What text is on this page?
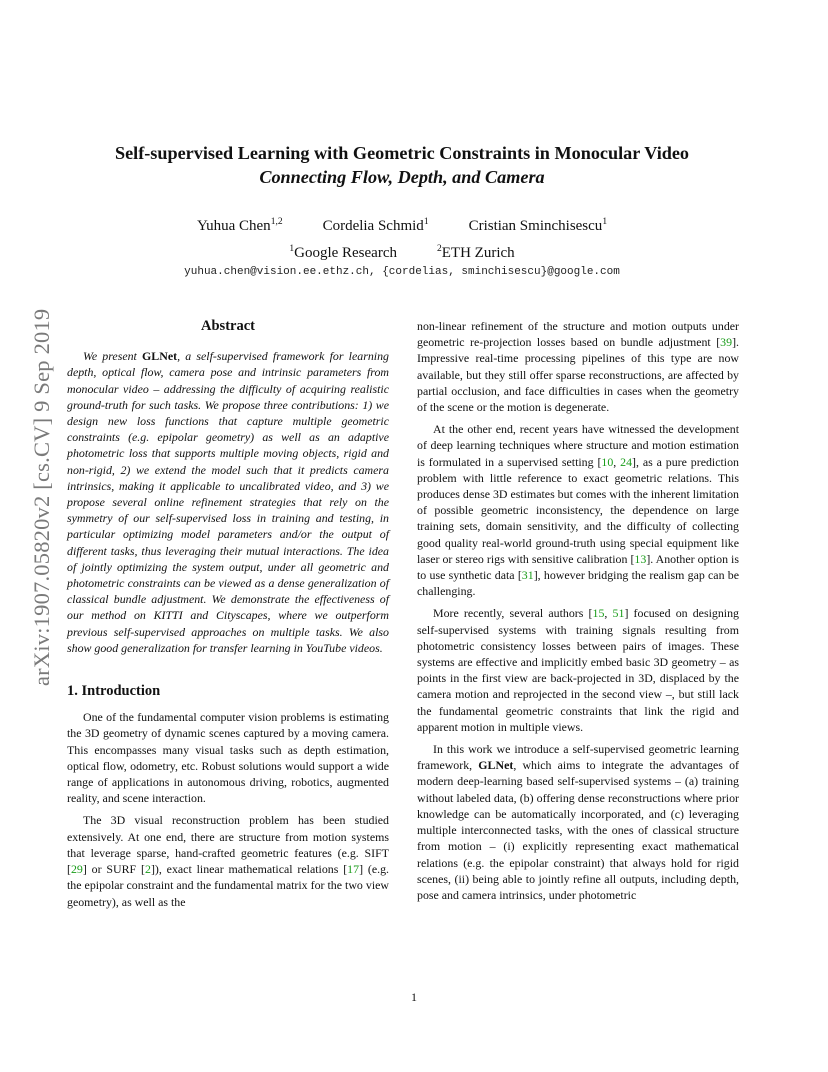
arXiv:1907.05820v2 [cs.CV] 9 Sep 2019
Self-supervised Learning with Geometric Constraints in Monocular Video
Connecting Flow, Depth, and Camera
Yuhua Chen$^{1,2}$	Cordelia Schmid$^1$	Cristian Sminchisescu$^1$
$^1$Google Research	$^2$ETH Zurich
yuhua.chen@vision.ee.ethz.ch, {cordelias, sminchisescu}@google.com
Abstract

We present GLNet, a self-supervised framework for learning depth, optical flow, camera pose and intrinsic parameters from monocular video – addressing the difficulty of acquiring realistic ground-truth for such tasks. We propose three contributions: 1) we design new loss functions that capture multiple geometric constraints (e.g. epipolar geometry) as well as an adaptive photometric loss that supports multiple moving objects, rigid and non-rigid, 2) we extend the model such that it predicts camera intrinsics, making it applicable to uncalibrated video, and 3) we propose several online refinement strategies that rely on the symmetry of our self-supervised loss in training and testing, in particular optimizing model parameters and/or the output of different tasks, thus leveraging their mutual interactions. The idea of jointly optimizing the system output, under all geometric and photometric constraints can be viewed as a dense generalization of classical bundle adjustment. We demonstrate the effectiveness of our method on KITTI and Cityscapes, where we outperform previous self-supervised approaches on multiple tasks. We also show good generalization for transfer learning in YouTube videos.

1. Introduction

One of the fundamental computer vision problems is estimating the 3D geometry of dynamic scenes captured by a moving camera. This encompasses many visual tasks such as depth estimation, optical flow, odometry, etc. Robust solutions would support a wide range of applications in autonomous driving, robotics, augmented reality, and scene interaction.

The 3D visual reconstruction problem has been studied extensively. At one end, there are structure from motion systems that leverage sparse, hand-crafted geometric features (e.g. SIFT [29] or SURF [2]), exact linear mathematical relations [17] (e.g. the epipolar constraint and the fundamental matrix for the two view geometry), as well as the

non-linear refinement of the structure and motion outputs under geometric re-projection losses based on bundle adjustment [39]. Impressive real-time processing pipelines of this type are now available, but they still offer sparse reconstructions, are affected by partial occlusion, and face difficulties in cases when the geometry of the scene or the motion is degenerate.

At the other end, recent years have witnessed the development of deep learning techniques where structure and motion estimation is formulated in a supervised setting [10, 24], as a pure prediction problem with little reference to exact geometric relations. This produces dense 3D estimates but comes with the inherent limitation of possible geometric inconsistency, the dependence on large training sets, domain sensitivity, and the difficulty of collecting good quality real-world ground-truth using special equipment like laser or stereo rigs with sensitive calibration [13]. Another option is to use synthetic data [31], however bridging the realism gap can be challenging.

More recently, several authors [15, 51] focused on designing self-supervised systems with training signals resulting from photometric consistency losses between pairs of images. These systems are effective and implicitly embed basic 3D geometry – as points in the first view are back-projected in 3D, displaced by the camera motion and reprojected in the second view –, but still lack the fundamental geometric constraints that link the rigid and apparent motion in multiple views.

In this work we introduce a self-supervised geometric learning framework, GLNet, which aims to integrate the advantages of modern deep-learning based self-supervised systems – (a) training without labeled data, (b) offering dense reconstructions where prior knowledge can be automatically incorporated, and (c) leveraging multiple interconnected tasks, with the ones of classical structure from motion – (i) explicitly representing exact mathematical relations (e.g. the epipolar constraint) that always hold for rigid scenes, (ii) being able to jointly refine all outputs, including depth, pose and camera intrinsics, under photometric

1
